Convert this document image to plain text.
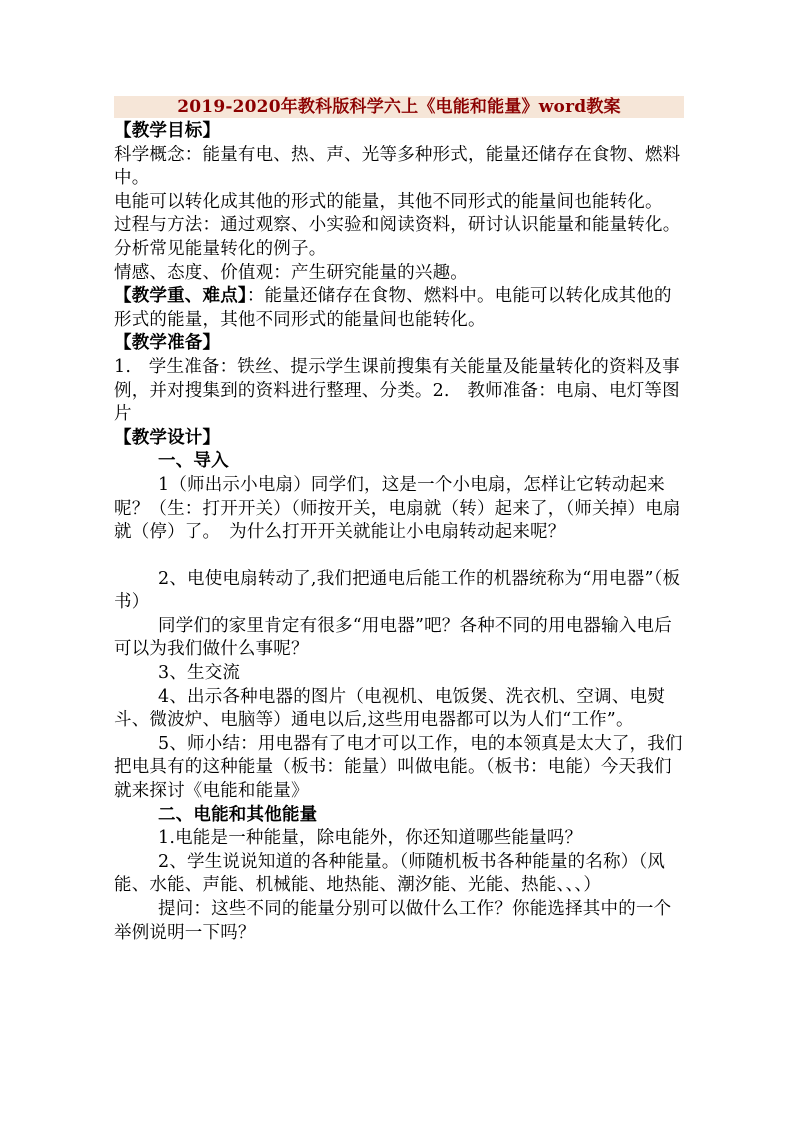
2019-2020年教科版科学六上《电能和能量》word教案
【教学目标】

科学概念：能量有电、热、声、光等多种形式，能量还储存在食物、燃料中。

电能可以转化成其他的形式的能量，其他不同形式的能量间也能转化。

过程与方法：通过观察、小实验和阅读资料，研讨认识能量和能量转化。

分析常见能量转化的例子。

情感、态度、价值观：产生研究能量的兴趣。

【教学重、难点】：能量还储存在食物、燃料中。电能可以转化成其他的形式的能量，其他不同形式的能量间也能转化。

【教学准备】

1.　学生准备：铁丝、提示学生课前搜集有关能量及能量转化的资料及事例，并对搜集到的资料进行整理、分类。2.　教师准备：电扇、电灯等图片

【教学设计】
一、导入

1（师出示小电扇）同学们，这是一个小电扇，怎样让它转动起来呢？（生：打开开关）（师按开关，电扇就（转）起来了，（师关掉）电扇就（停）了。　为什么打开开关就能让小电扇转动起来呢？

2、电使电扇转动了,我们把通电后能工作的机器统称为“用电器”（板书）

同学们的家里肯定有很多“用电器”吧？各种不同的用电器输入电后可以为我们做什么事呢？

3、生交流

4、出示各种电器的图片（电视机、电饭煲、洗衣机、空调、电熨斗、微波炉、电脑等）通电以后,这些用电器都可以为人们“工作”。

5、师小结：用电器有了电才可以工作，电的本领真是太大了，我们把电具有的这种能量（板书：能量）叫做电能。（板书：电能）今天我们就来探讨《电能和能量》

二、电能和其他能量

1.电能是一种能量，除电能外，你还知道哪些能量吗？

2、学生说说知道的各种能量。（师随机板书各种能量的名称）（风能、水能、声能、机械能、地热能、潮汐能、光能、热能、、、）

提问：这些不同的能量分别可以做什么工作？你能选择其中的一个举例说明一下吗？
